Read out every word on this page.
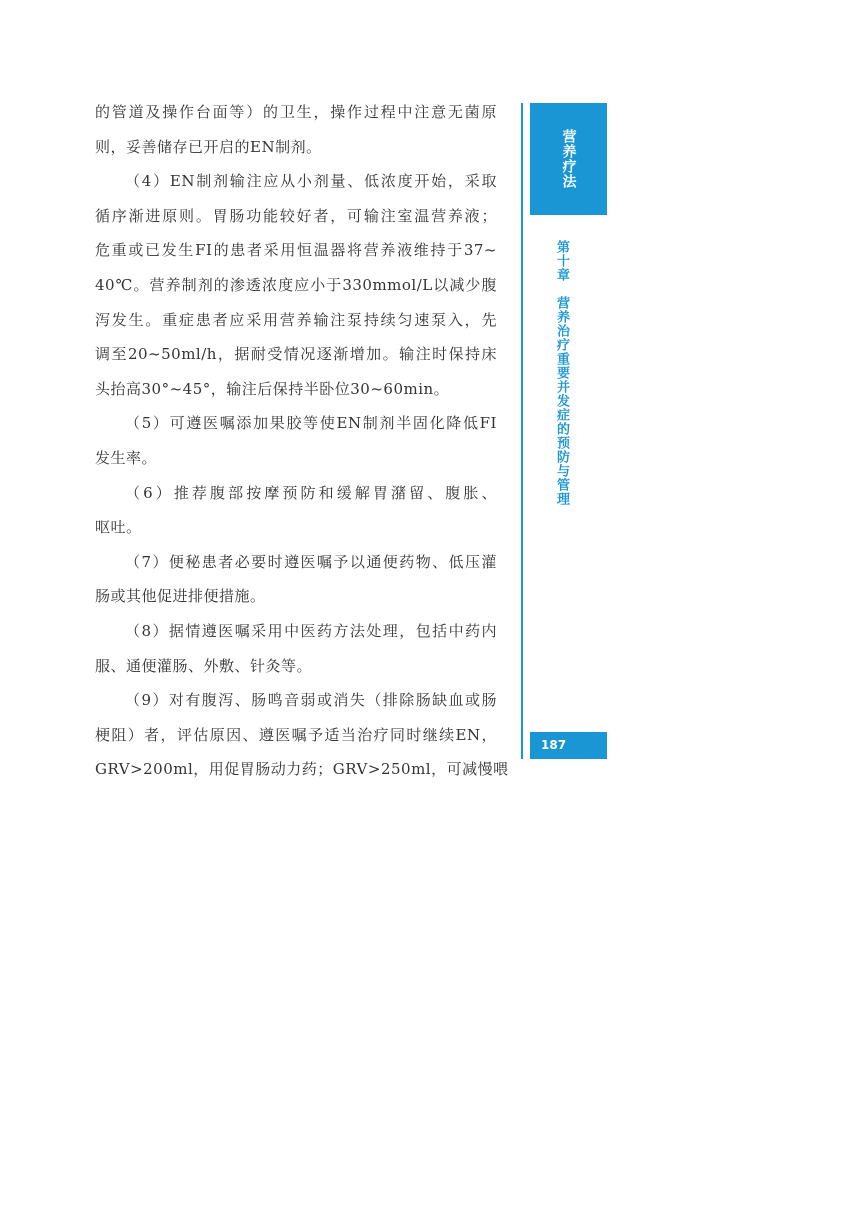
的管道及操作台面等）的卫生，操作过程中注意无菌原
则，妥善储存已开启的EN制剂。
（4）EN制剂输注应从小剂量、低浓度开始，采取
循序渐进原则。胃肠功能较好者，可输注室温营养液；
危重或已发生FI的患者采用恒温器将营养液维持于37~
40℃。营养制剂的渗透浓度应小于330mmol/L以减少腹
泻发生。重症患者应采用营养输注泵持续匀速泵入，先
调至20~50ml/h，据耐受情况逐渐增加。输注时保持床
头抬高30°~45°，输注后保持半卧位30~60min。
（5）可遵医嘱添加果胶等使EN制剂半固化降低FI
发生率。
（6）推荐腹部按摩预防和缓解胃潴留、腹胀、
呕吐。
（7）便秘患者必要时遵医嘱予以通便药物、低压灌
肠或其他促进排便措施。
（8）据情遵医嘱采用中医药方法处理，包括中药内
服、通便灌肠、外敷、针灸等。
（9）对有腹泻、肠鸣音弱或消失（排除肠缺血或肠
梗阻）者，评估原因、遵医嘱予适当治疗同时继续EN，
GRV>200ml，用促胃肠动力药；GRV>250ml，可减慢喂
营养疗法
第十章
营养治疗重要并发症的预防与管理
187
